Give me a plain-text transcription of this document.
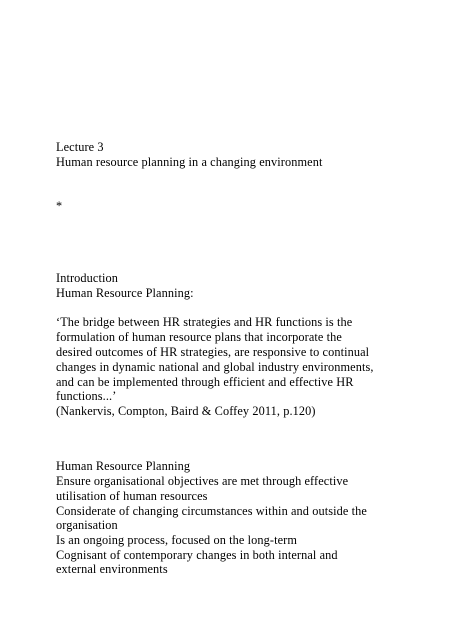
Lecture 3
Human resource planning in a changing environment
*
Introduction
Human Resource Planning:
‘The bridge between HR strategies and HR functions is the
formulation of human resource plans that incorporate the
desired outcomes of HR strategies, are responsive to continual
changes in dynamic national and global industry environments,
and can be implemented through efficient and effective HR
functions...’
(Nankervis, Compton, Baird & Coffey 2011, p.120)
Human Resource Planning
Ensure organisational objectives are met through effective
utilisation of human resources
Considerate of changing circumstances within and outside the
organisation
Is an ongoing process, focused on the long-term
Cognisant of contemporary changes in both internal and
external environments
